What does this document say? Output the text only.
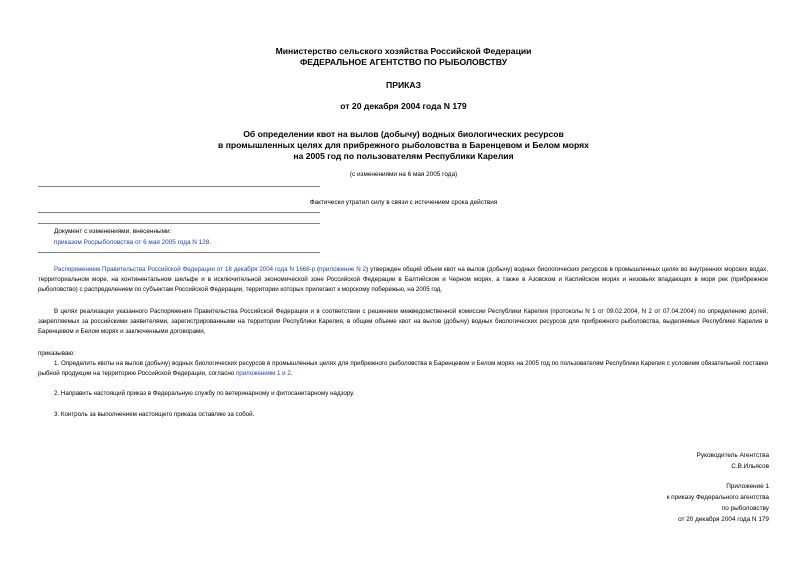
Министерство сельского хозяйства Российской Федерации
ФЕДЕРАЛЬНОЕ АГЕНТСТВО ПО РЫБОЛОВСТВУ
ПРИКАЗ
от 20 декабря 2004 года N 179
Об определении квот на вылов (добычу) водных биологических ресурсов
в промышленных целях для прибрежного рыболовства в Баренцевом и Белом морях
на 2005 год по пользователям Республики Карелия
(с изменениями на 6 мая 2005 года)
Фактически утратил силу в связи с истечением срока действия
Документ с изменениями, внесенными:
приказом Росрыболовства от 6 мая 2005 года N 128.
Распоряжением Правительства Российской Федерации от 18 декабря 2004 года N 1668-р (приложение N 2) утвержден общий объем квот на вылов (добычу) водных биологических ресурсов в промышленных целях во внутренних морских водах, территориальном море, на континентальном шельфе и в исключительной экономической зоне Российской Федерации в Балтийском и Черном морях, а также в Азовском и Каспийском морях и низовьях впадающих в моря рек (прибрежное рыболовство) с распределением по субъектам Российской Федерации, территории которых прилегают к морскому побережью, на 2005 год.
В целях реализации указанного Распоряжения Правительства Российской Федерации и в соответствии с решением межведомственной комиссии Республики Карелия (протоколы N 1 от 09.02.2004, N 2 от 07.04.2004) по определению долей, закрепляемых за российскими заявителями, зарегистрированными на территории Республики Карелия, в общем объеме квот на вылов (добычу) водных биологических ресурсов для прибрежного рыболовства, выделяемых Республике Карелия в Баренцевом и Белом морях и заключенными договорами,
приказываю:
1. Определить квоты на вылов (добычу) водных биологических ресурсов в промышленных целях для прибрежного рыболовства в Баренцевом и Белом морях на 2005 год по пользователям Республики Карелия с условием обязательной поставки рыбной продукции на территорию Российской Федерации, согласно приложениям 1 и 2.
2. Направить настоящий приказ в Федеральную службу по ветеринарному и фитосанитарному надзору.
3. Контроль за выполнением настоящего приказа оставляю за собой.
Руководитель Агентства
С.В.Ильясов
Приложение 1
к приказу Федерального агентства
по рыболовству
от 20 декабря 2004 года N 179
